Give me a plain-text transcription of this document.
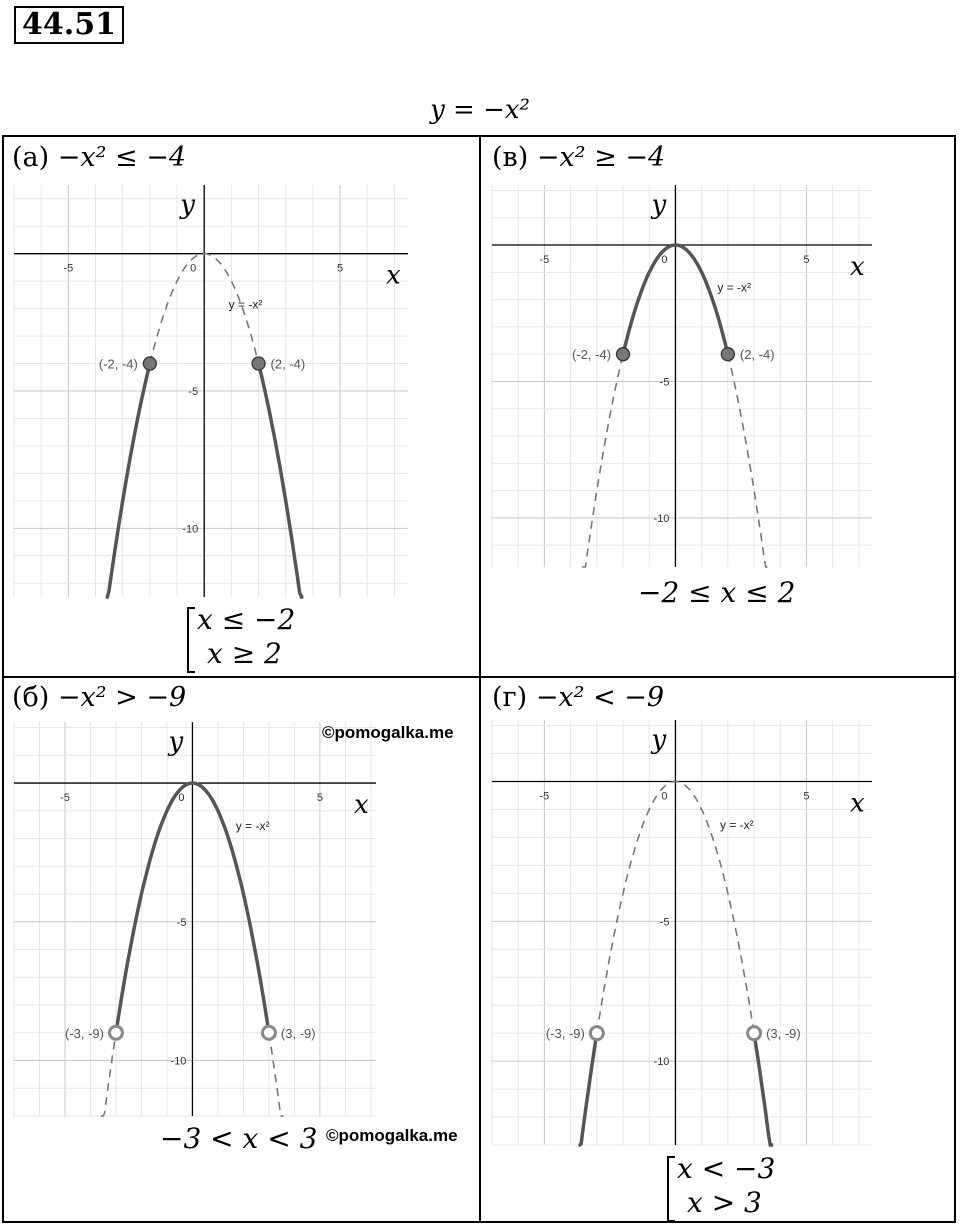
44.51
y = −x²
(а) −x² ≤ −4
-5	0	5
-5
-10
x
y
y = -x²
(-2, -4)	(2, -4)
x ≤ −2
x ≥ 2
(в) −x² ≥ −4
-5	0	5
-5
-10
x
y
y = -x²
(-2, -4)	(2, -4)
−2 ≤ x ≤ 2
(б) −x² > −9
-5	0	5
-5
-10
x
y
y = -x²
(-3, -9)	(3, -9)
−3 < x < 3
(г) −x² < −9
-5	0	5
-5
-10
x
y
y = -x²
(-3, -9)	(3, -9)
x < −3
x > 3
©pomogalka.me
©pomogalka.me
